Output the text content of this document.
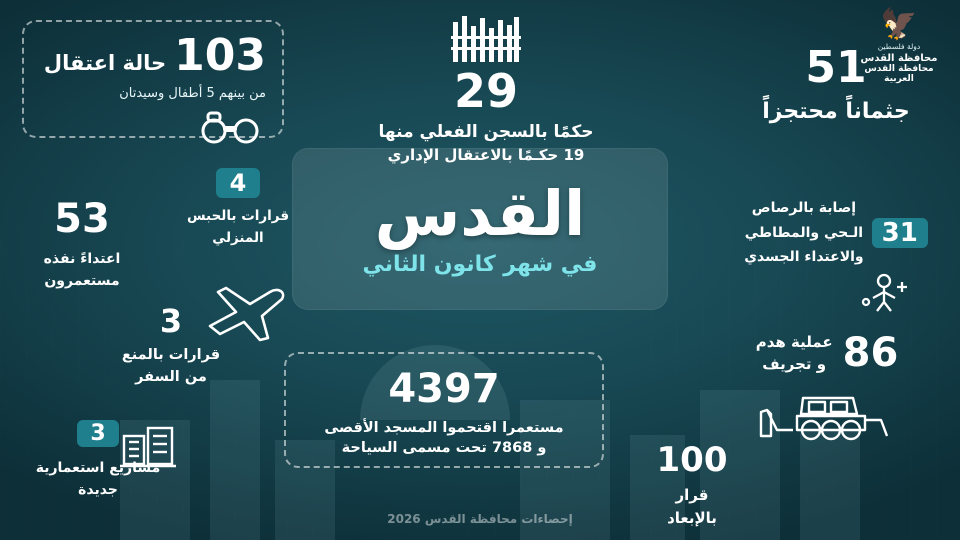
🦅
دولة فلسطين
محافظة القدس
محافظة القدس العربية
القدس
في شهر كانون الثاني
103
حالة اعتقال
من بينهم 5 أطفال وسيدتان	29
حكمًا بالسجن الفعلي منها
19 حكـمًا بالاعتقال الإداري
51
جثماناً محتجزاً
4
قرارات بالحبس
المنزلي
53
اعتداءً نفذه
مستعمرون
3
قرارات بالمنع
من السفر
3
مشاريع استعمارية
جديدة
31
إصابة بالرصاص
الـحي والمطاطي
والاعتداء الجسدي
86
عملية هدم
و تجريف
4397
مستعمرا اقتحموا المسجد الأقصى
و 7868 تحت مسمى السياحة	100
قرار
بالإبعاد
إحصاءات محافظة القدس 2026
